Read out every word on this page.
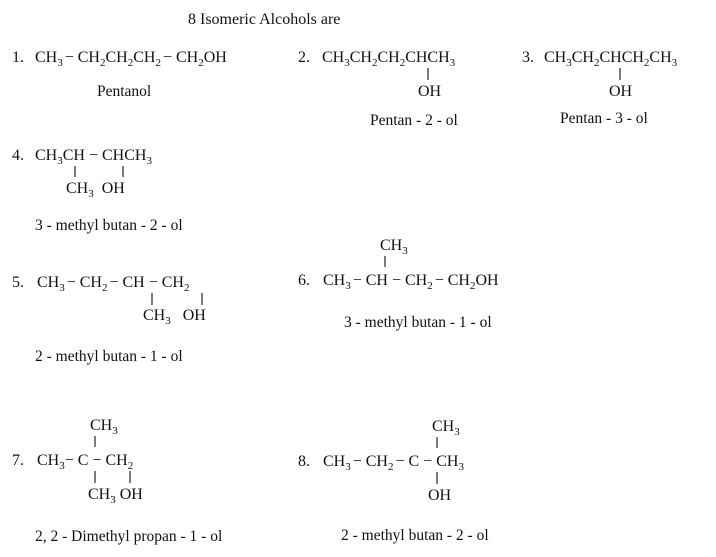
8 Isomeric Alcohols are
1. $CH_3 - CH_2CH_2CH_2 - CH_2OH$
Pentanol
2. $CH_3CH_2CH_2CHCH_3$
OH
Pentan - 2 - ol
3. $CH_3CH_2CHCH_2CH_3$
OH
Pentan - 3 - ol
4. $CH_3CH$ − $CHCH_3$
$CH_3$  OH
3 - methyl butan - 2 - ol
5. $CH_3 - CH_2$ − CH − $CH_2$
$CH_3$  OH
2 - methyl butan - 1 - ol
$CH_3$
6. $CH_3$ − CH − $CH_2 - CH_2OH$
3 - methyl butan - 1 - ol
$CH_3$
7. $CH_3- C - CH_2$
$CH_3$ OH
2, 2 - Dimethyl propan - 1 - ol
$CH_3$
8. $CH_3 - CH_2 - C - CH_3$
OH
2 - methyl butan - 2 - ol
